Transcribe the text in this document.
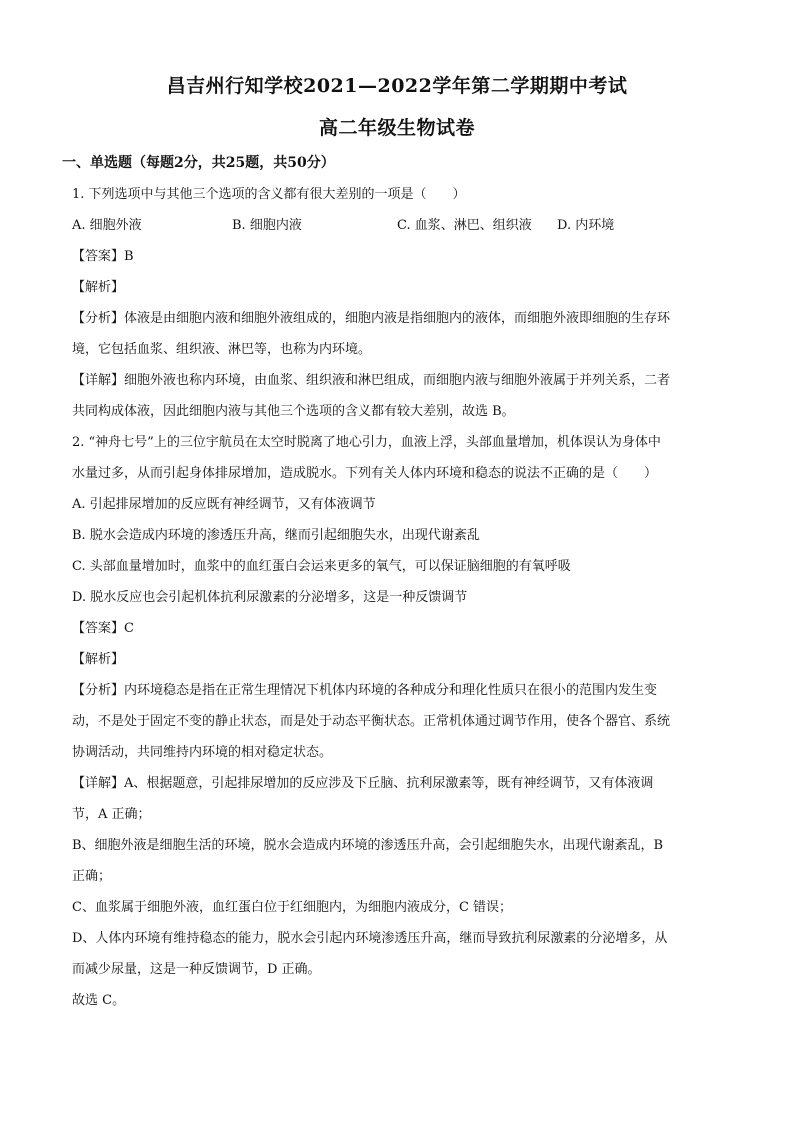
昌吉州行知学校2021—2022学年第二学期期中考试
高二年级生物试卷
一、单选题（每题2分，共25题，共50分）

1. 下列选项中与其他三个选项的含义都有很大差别的一项是（　　）

A. 细胞外液	B. 细胞内液	C. 血浆、淋巴、组织液	D. 内环境

【答案】B

【解析】

【分析】体液是由细胞内液和细胞外液组成的，细胞内液是指细胞内的液体，而细胞外液即细胞的生存环

境，它包括血浆、组织液、淋巴等，也称为内环境。

【详解】细胞外液也称内环境，由血浆、组织液和淋巴组成，而细胞内液与细胞外液属于并列关系，二者

共同构成体液，因此细胞内液与其他三个选项的含义都有较大差别，故选 B。

2. “神舟七号”上的三位宇航员在太空时脱离了地心引力，血液上浮，头部血量增加，机体误认为身体中

水量过多，从而引起身体排尿增加，造成脱水。下列有关人体内环境和稳态的说法不正确的是（　　）

A. 引起排尿增加的反应既有神经调节，又有体液调节

B. 脱水会造成内环境的渗透压升高，继而引起细胞失水，出现代谢紊乱

C. 头部血量增加时，血浆中的血红蛋白会运来更多的氧气，可以保证脑细胞的有氧呼吸

D. 脱水反应也会引起机体抗利尿激素的分泌增多，这是一种反馈调节

【答案】C

【解析】

【分析】内环境稳态是指在正常生理情况下机体内环境的各种成分和理化性质只在很小的范围内发生变

动，不是处于固定不变的静止状态，而是处于动态平衡状态。正常机体通过调节作用，使各个器官、系统

协调活动，共同维持内环境的相对稳定状态。

【详解】A、根据题意，引起排尿增加的反应涉及下丘脑、抗利尿激素等，既有神经调节，又有体液调

节，A 正确；

B、细胞外液是细胞生活的环境，脱水会造成内环境的渗透压升高，会引起细胞失水，出现代谢紊乱，B

正确；

C、血浆属于细胞外液，血红蛋白位于红细胞内，为细胞内液成分，C 错误；

D、人体内环境有维持稳态的能力，脱水会引起内环境渗透压升高，继而导致抗利尿激素的分泌增多，从

而减少尿量，这是一种反馈调节，D 正确。

故选 C。
